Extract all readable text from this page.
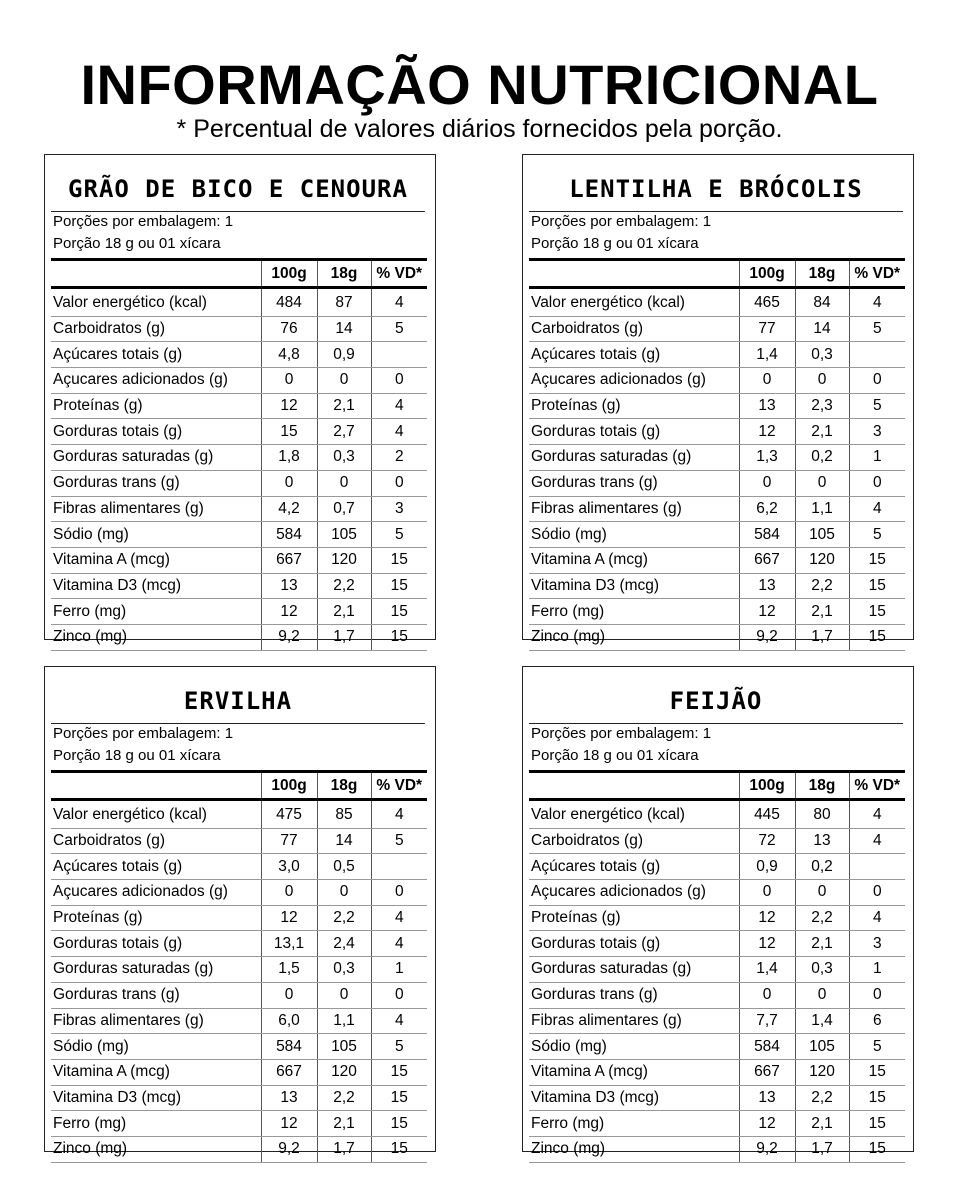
INFORMAÇÃO NUTRICIONAL
* Percentual de valores diários fornecidos pela porção.
GRÃO DE BICO E CENOURA
Porções por embalagem: 1
Porção 18 g ou 01 xícara
	100g	18g	% VD*
Valor energético (kcal)	484	87	4
Carboidratos (g)	76	14	5
Açúcares totais (g)	4,8	0,9	
Açucares adicionados (g)	0	0	0
Proteínas (g)	12	2,1	4
Gorduras totais (g)	15	2,7	4
Gorduras saturadas (g)	1,8	0,3	2
Gorduras trans (g)	0	0	0
Fibras alimentares (g)	4,2	0,7	3
Sódio (mg)	584	105	5
Vitamina A (mcg)	667	120	15
Vitamina D3 (mcg)	13	2,2	15
Ferro (mg)	12	2,1	15
Zinco (mg)	9,2	1,7	15
LENTILHA E BRÓCOLIS
Porções por embalagem: 1
Porção 18 g ou 01 xícara
	100g	18g	% VD*
Valor energético (kcal)	465	84	4
Carboidratos (g)	77	14	5
Açúcares totais (g)	1,4	0,3	
Açucares adicionados (g)	0	0	0
Proteínas (g)	13	2,3	5
Gorduras totais (g)	12	2,1	3
Gorduras saturadas (g)	1,3	0,2	1
Gorduras trans (g)	0	0	0
Fibras alimentares (g)	6,2	1,1	4
Sódio (mg)	584	105	5
Vitamina A (mcg)	667	120	15
Vitamina D3 (mcg)	13	2,2	15
Ferro (mg)	12	2,1	15
Zinco (mg)	9,2	1,7	15
ERVILHA
Porções por embalagem: 1
Porção 18 g ou 01 xícara
	100g	18g	% VD*
Valor energético (kcal)	475	85	4
Carboidratos (g)	77	14	5
Açúcares totais (g)	3,0	0,5	
Açucares adicionados (g)	0	0	0
Proteínas (g)	12	2,2	4
Gorduras totais (g)	13,1	2,4	4
Gorduras saturadas (g)	1,5	0,3	1
Gorduras trans (g)	0	0	0
Fibras alimentares (g)	6,0	1,1	4
Sódio (mg)	584	105	5
Vitamina A (mcg)	667	120	15
Vitamina D3 (mcg)	13	2,2	15
Ferro (mg)	12	2,1	15
Zinco (mg)	9,2	1,7	15
FEIJÃO
Porções por embalagem: 1
Porção 18 g ou 01 xícara
	100g	18g	% VD*
Valor energético (kcal)	445	80	4
Carboidratos (g)	72	13	4
Açúcares totais (g)	0,9	0,2	
Açucares adicionados (g)	0	0	0
Proteínas (g)	12	2,2	4
Gorduras totais (g)	12	2,1	3
Gorduras saturadas (g)	1,4	0,3	1
Gorduras trans (g)	0	0	0
Fibras alimentares (g)	7,7	1,4	6
Sódio (mg)	584	105	5
Vitamina A (mcg)	667	120	15
Vitamina D3 (mcg)	13	2,2	15
Ferro (mg)	12	2,1	15
Zinco (mg)	9,2	1,7	15
